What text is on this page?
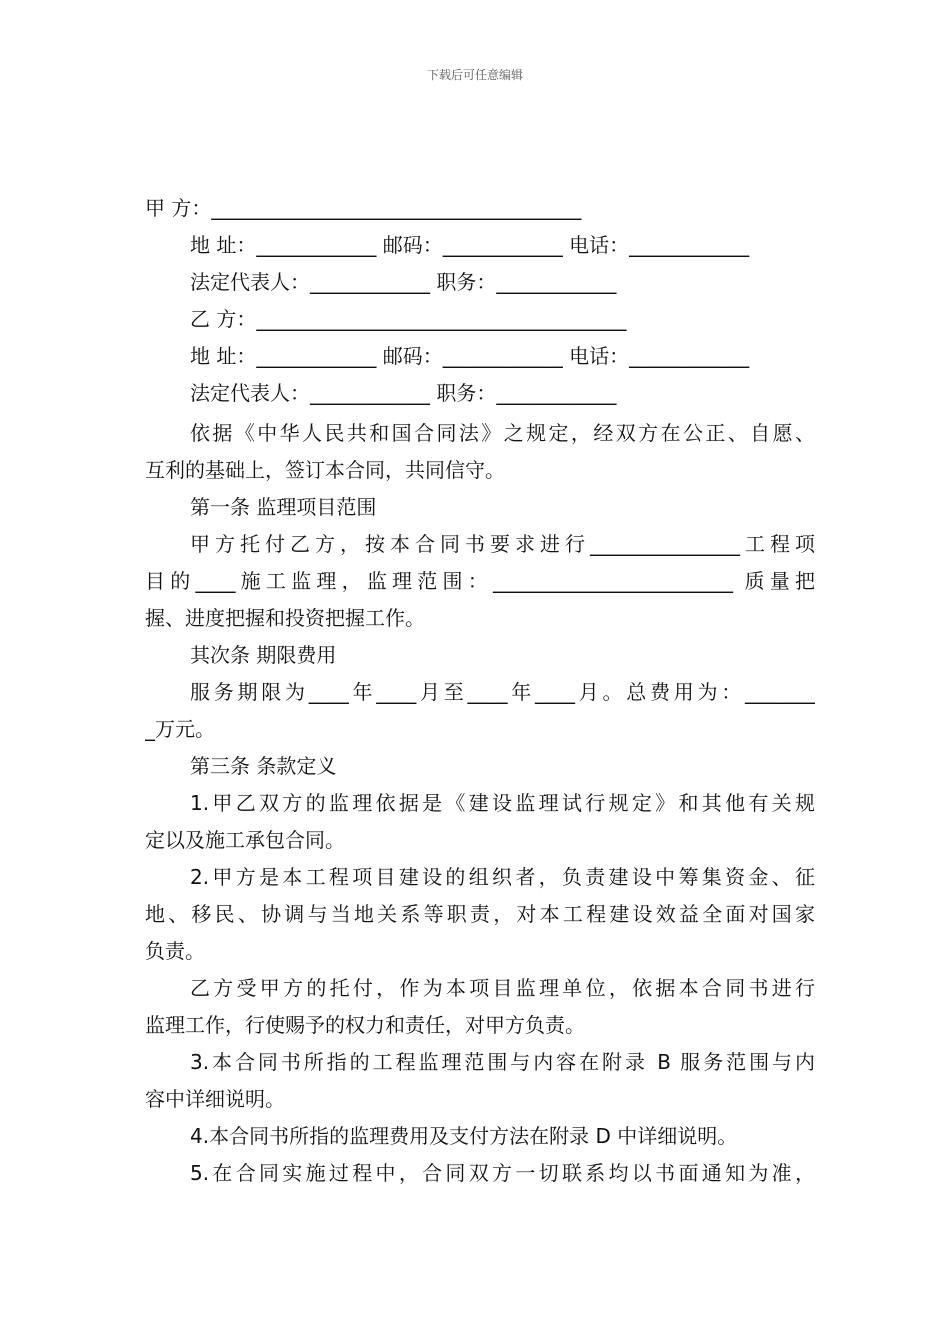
下载后可任意编辑
甲 方：_____________________________________
地 址：____________ 邮码：____________ 电话：____________
法定代表人：____________ 职务：____________
乙 方：_____________________________________
地 址：____________ 邮码：____________ 电话：____________
法定代表人：____________ 职务：____________
依据《中华人民共和国合同法》之规定，经双方在公正、自愿、
互利的基础上，签订本合同，共同信守。
第一条 监理项目范围
甲方托付乙方，按本合同书要求进行_______________工程项
目的____施工监理，监理范围：________________________ 质量把
握、进度把握和投资把握工作。
其次条 期限费用
服务期限为____年____月至____年____月。总费用为：_______
_万元。
第三条 条款定义
1.甲乙双方的监理依据是《建设监理试行规定》和其他有关规
定以及施工承包合同。
2.甲方是本工程项目建设的组织者，负责建设中筹集资金、征
地、移民、协调与当地关系等职责，对本工程建设效益全面对国家
负责。
乙方受甲方的托付，作为本项目监理单位，依据本合同书进行
监理工作，行使赐予的权力和责任，对甲方负责。
3.本合同书所指的工程监理范围与内容在附录 B 服务范围与内
容中详细说明。
4.本合同书所指的监理费用及支付方法在附录 D 中详细说明。
5.在合同实施过程中，合同双方一切联系均以书面通知为准，
